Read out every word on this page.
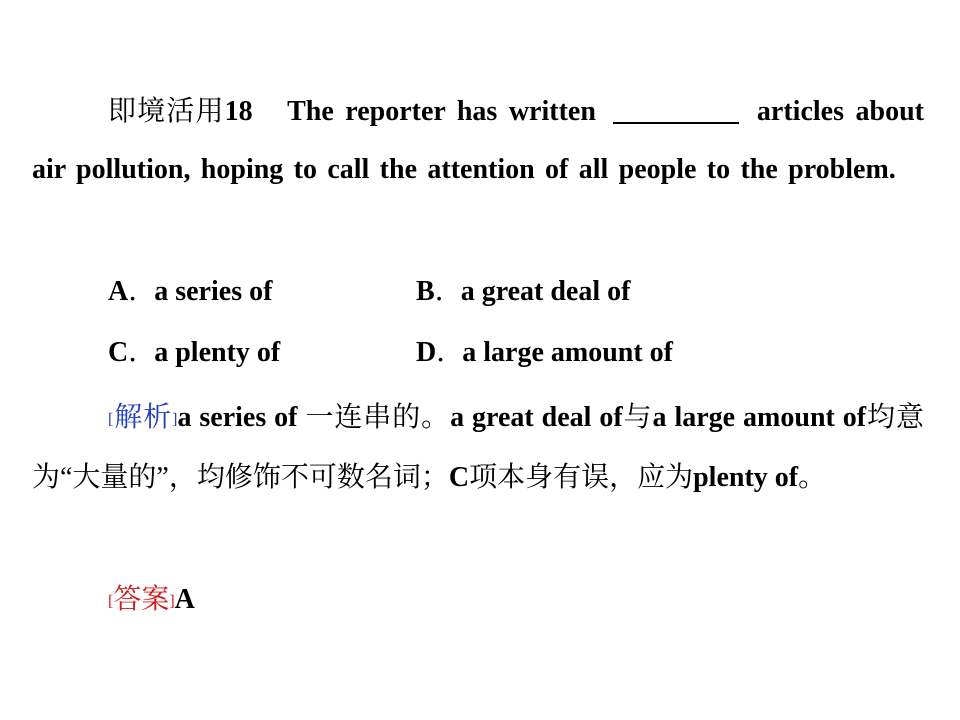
即境活用18 The reporter has written	articles about air pollution, hoping to call the attention of all people to the problem.
A．a series of	B．a great deal of
C．a plenty of	D．a large amount of
[解析]a series of 一连串的。a great deal of与a large amount of均意为“大量的”，均修饰不可数名词；C项本身有误，应为plenty of。
[答案]A
